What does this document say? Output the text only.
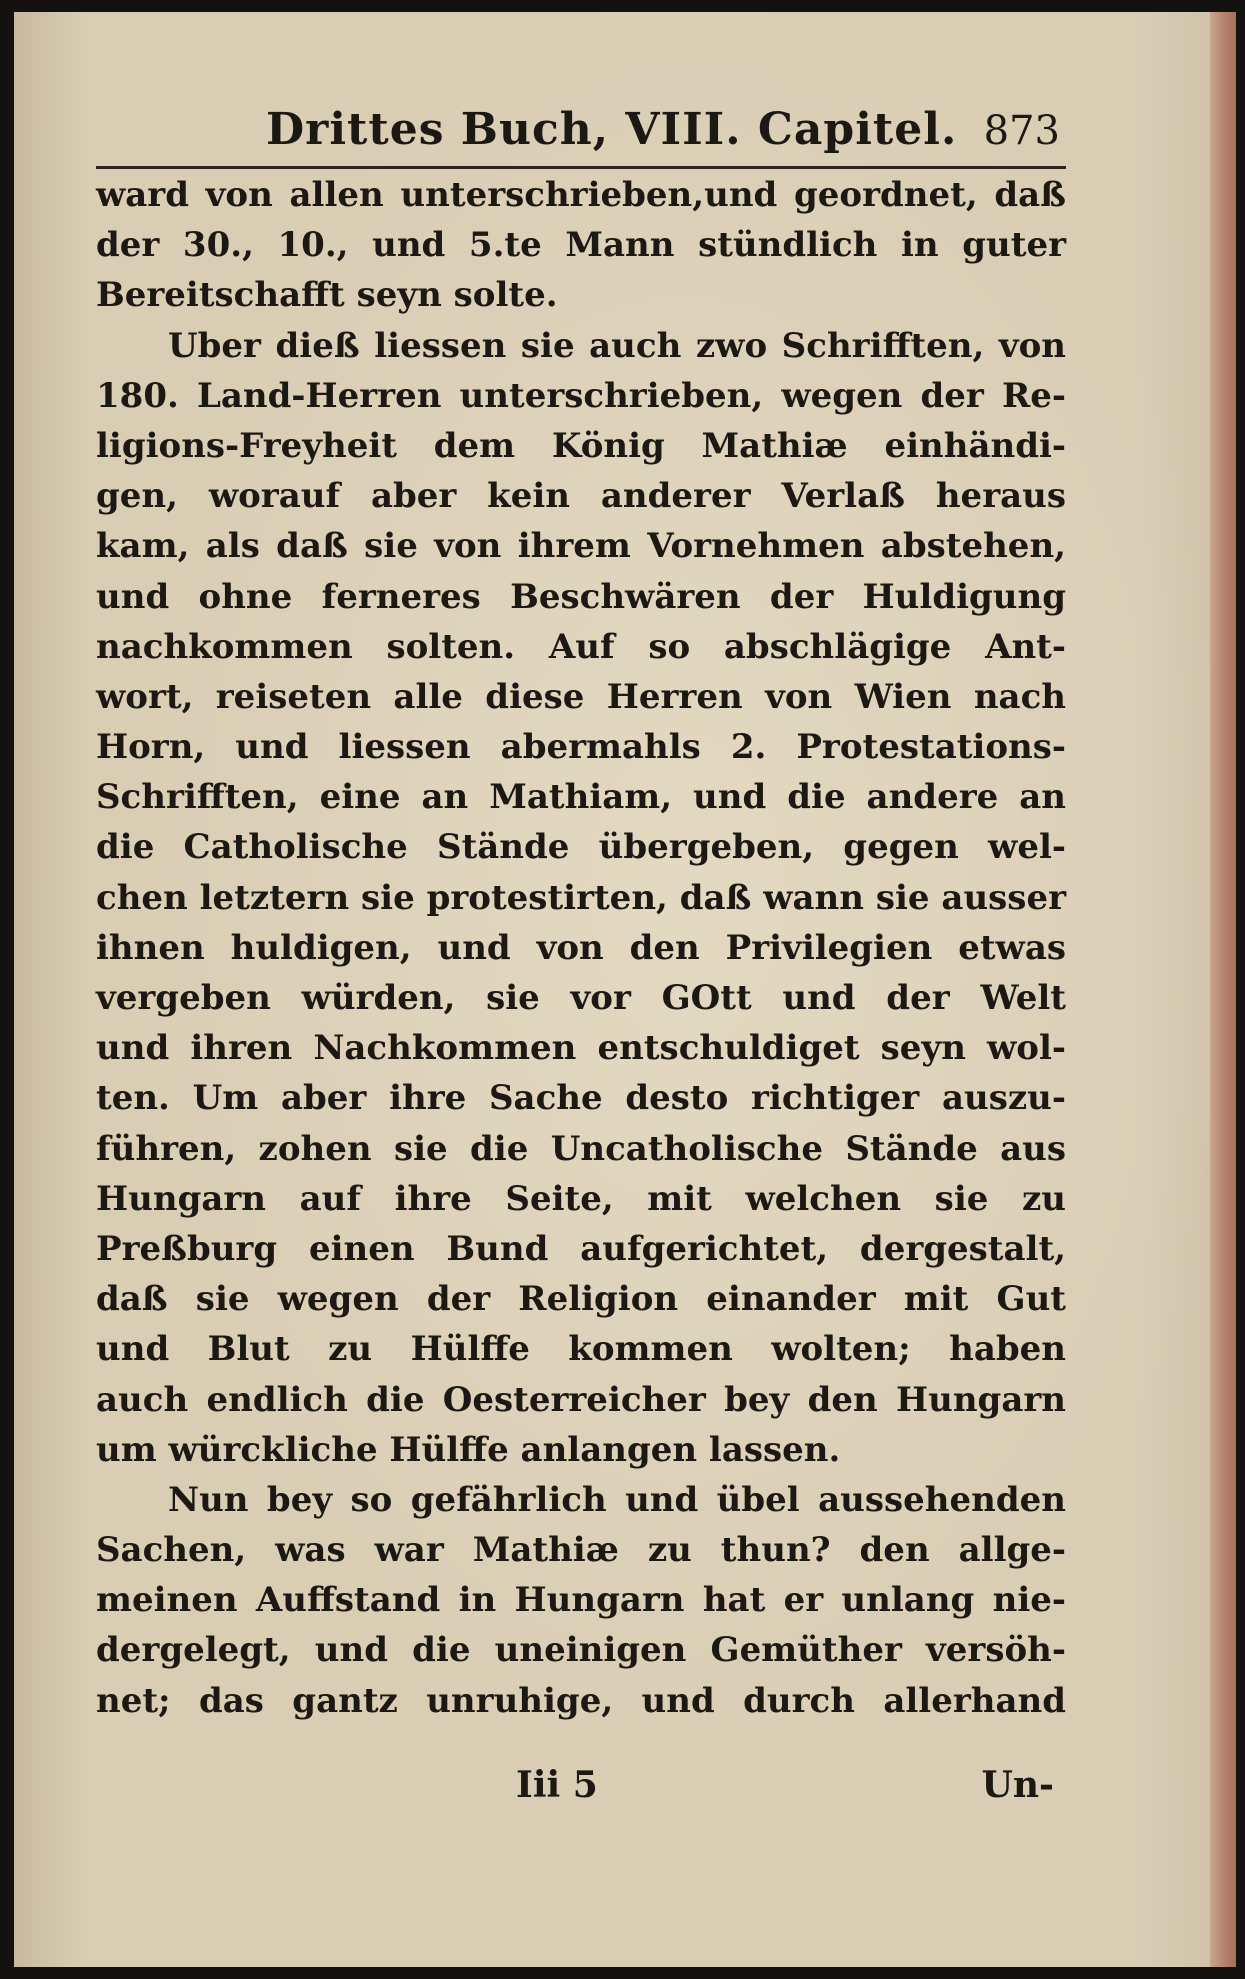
Drittes Buch, VIII. Capitel. 873
ward von allen unterschrieben,und geordnet, daß
der 30., 10., und 5.te Mann stündlich in guter
Bereitschafft seyn solte.
Uber dieß liessen sie auch zwo Schrifften, von
180. Land-Herren unterschrieben, wegen der Re-
ligions-Freyheit dem König Mathiæ einhändi-
gen, worauf aber kein anderer Verlaß heraus
kam, als daß sie von ihrem Vornehmen abstehen,
und ohne ferneres Beschwären der Huldigung
nachkommen solten. Auf so abschlägige Ant-
wort, reiseten alle diese Herren von Wien nach
Horn, und liessen abermahls 2. Protestations-
Schrifften, eine an Mathiam, und die andere an
die Catholische Stände übergeben, gegen wel-
chen letztern sie protestirten, daß wann sie ausser
ihnen huldigen, und von den Privilegien etwas
vergeben würden, sie vor GOtt und der Welt
und ihren Nachkommen entschuldiget seyn wol-
ten. Um aber ihre Sache desto richtiger auszu-
führen, zohen sie die Uncatholische Stände aus
Hungarn auf ihre Seite, mit welchen sie zu
Preßburg einen Bund aufgerichtet, dergestalt,
daß sie wegen der Religion einander mit Gut
und Blut zu Hülffe kommen wolten; haben
auch endlich die Oesterreicher bey den Hungarn
um würckliche Hülffe anlangen lassen.
Nun bey so gefährlich und übel aussehenden
Sachen, was war Mathiæ zu thun? den allge-
meinen Auffstand in Hungarn hat er unlang nie-
dergelegt, und die uneinigen Gemüther versöh-
net; das gantz unruhige, und durch allerhand
Iii 5	Un-
